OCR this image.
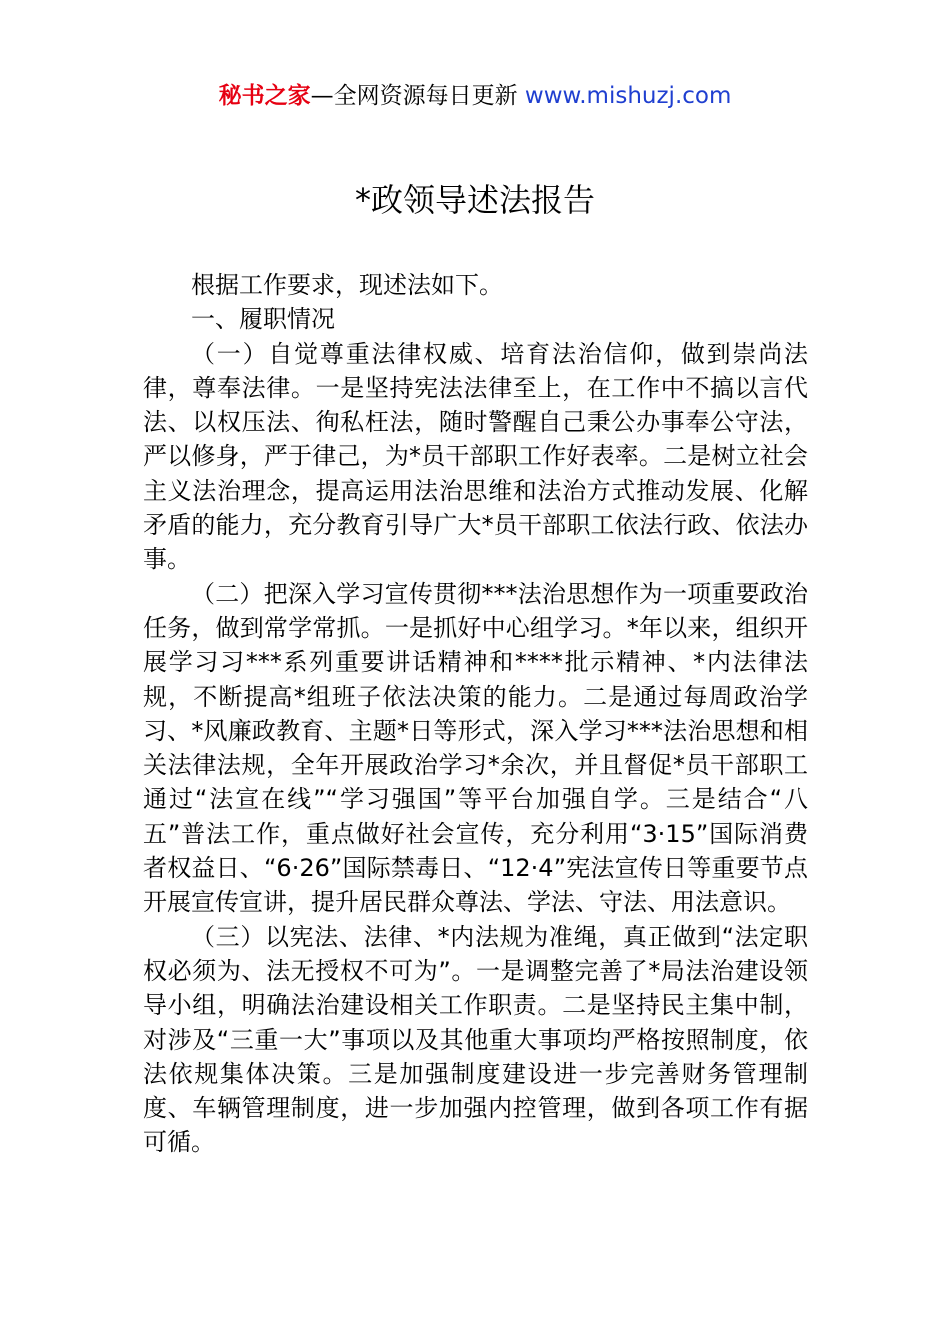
秘书之家—全网资源每日更新 www.mishuzj.com
*政领导述法报告

根据工作要求，现述法如下。

一、履职情况

（一）自觉尊重法律权威、培育法治信仰，做到崇尚法律，尊奉法律。一是坚持宪法法律至上，在工作中不搞以言代法、以权压法、徇私枉法，随时警醒自己秉公办事奉公守法，严以修身，严于律己，为*员干部职工作好表率。二是树立社会主义法治理念，提高运用法治思维和法治方式推动发展、化解矛盾的能力，充分教育引导广大*员干部职工依法行政、依法办事。

（二）把深入学习宣传贯彻***法治思想作为一项重要政治任务，做到常学常抓。一是抓好中心组学习。*年以来，组织开展学习习***系列重要讲话精神和****批示精神、*内法律法规，不断提高*组班子依法决策的能力。二是通过每周政治学习、*风廉政教育、主题*日等形式，深入学习***法治思想和相关法律法规，全年开展政治学习*余次，并且督促*员干部职工通过“法宣在线”“学习强国”等平台加强自学。三是结合“八五”普法工作，重点做好社会宣传，充分利用“3·15”国际消费者权益日、“6·26”国际禁毒日、“12·4”宪法宣传日等重要节点开展宣传宣讲，提升居民群众尊法、学法、守法、用法意识。

（三）以宪法、法律、*内法规为准绳，真正做到“法定职权必须为、法无授权不可为”。一是调整完善了*局法治建设领导小组，明确法治建设相关工作职责。二是坚持民主集中制，对涉及“三重一大”事项以及其他重大事项均严格按照制度，依法依规集体决策。三是加强制度建设进一步完善财务管理制度、车辆管理制度，进一步加强内控管理，做到各项工作有据可循。
